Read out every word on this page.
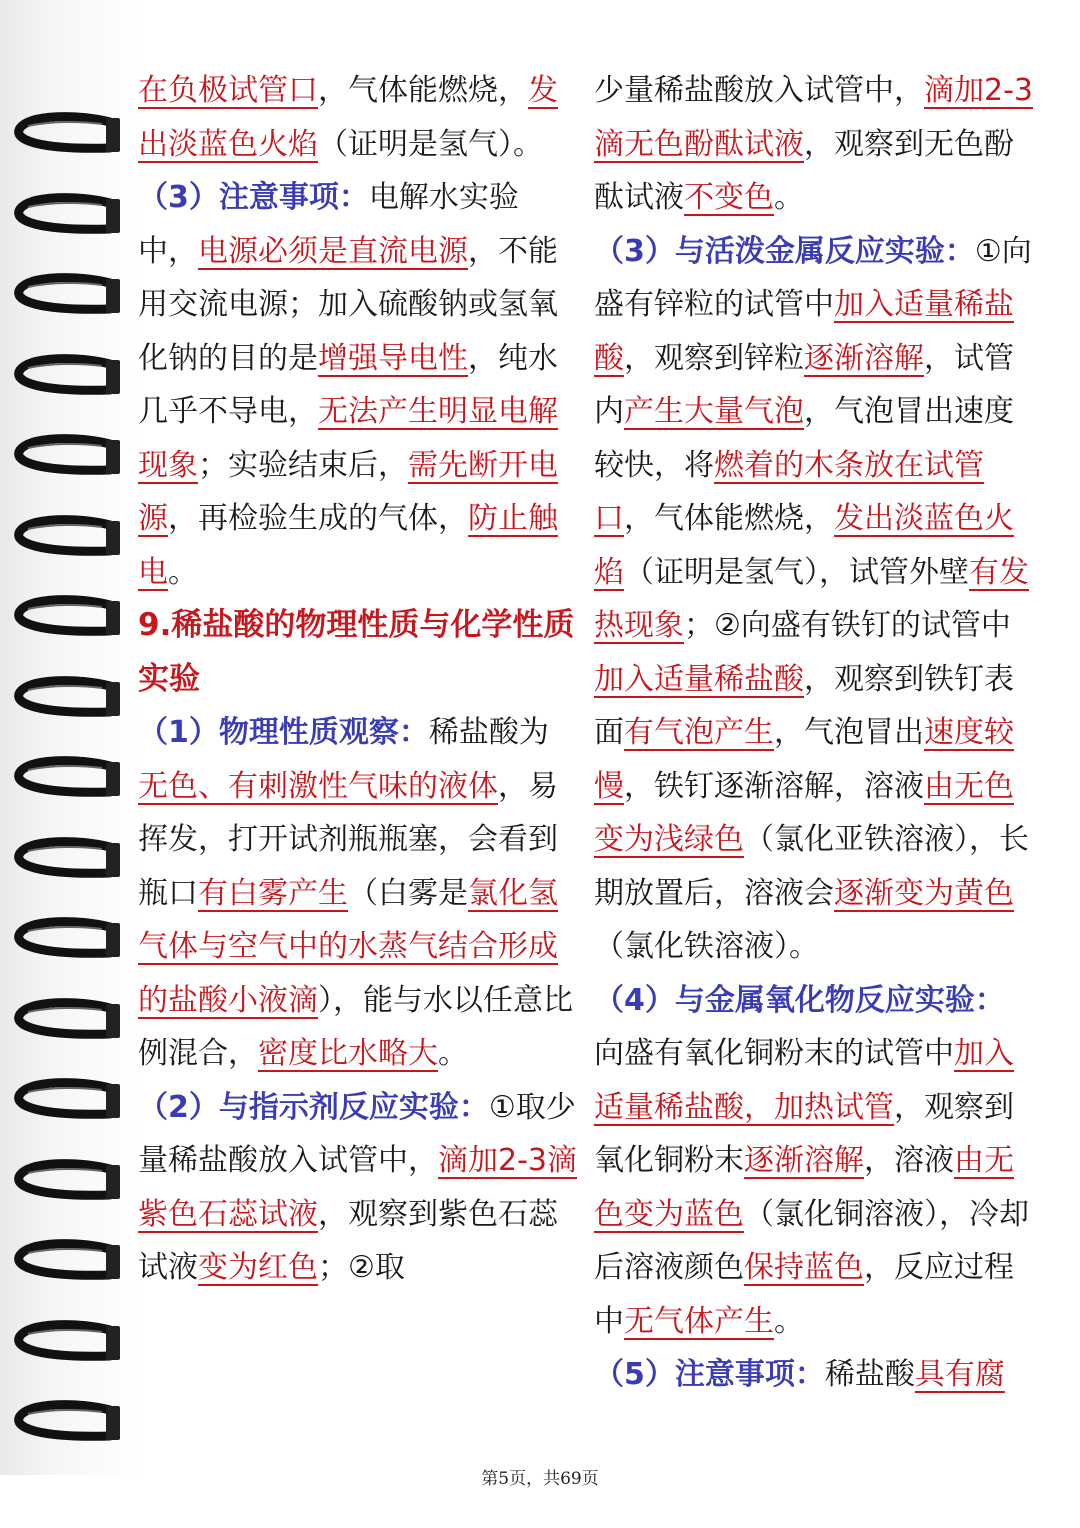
在负极试管口，气体能燃烧，发出淡蓝色火焰（证明是氢气）。

（3）注意事项：电解水实验中，电源必须是直流电源，不能用交流电源；加入硫酸钠或氢氧化钠的目的是增强导电性，纯水几乎不导电，无法产生明显电解现象；实验结束后，需先断开电源，再检验生成的气体，防止触电。

9.稀盐酸的物理性质与化学性质实验

（1）物理性质观察：稀盐酸为无色、有刺激性气味的液体，易挥发，打开试剂瓶瓶塞，会看到瓶口有白雾产生（白雾是氯化氢气体与空气中的水蒸气结合形成的盐酸小液滴），能与水以任意比例混合，密度比水略大。

（2）与指示剂反应实验：①取少量稀盐酸放入试管中，滴加2-3滴紫色石蕊试液，观察到紫色石蕊试液变为红色；②取

少量稀盐酸放入试管中，滴加2-3滴无色酚酞试液，观察到无色酚酞试液不变色。

（3）与活泼金属反应实验：①向盛有锌粒的试管中加入适量稀盐酸，观察到锌粒逐渐溶解，试管内产生大量气泡，气泡冒出速度较快，将燃着的木条放在试管口，气体能燃烧，发出淡蓝色火焰（证明是氢气），试管外壁有发热现象；②向盛有铁钉的试管中加入适量稀盐酸，观察到铁钉表面有气泡产生，气泡冒出速度较慢，铁钉逐渐溶解，溶液由无色变为浅绿色（氯化亚铁溶液），长期放置后，溶液会逐渐变为黄色（氯化铁溶液）。

（4）与金属氧化物反应实验：向盛有氧化铜粉末的试管中加入适量稀盐酸，加热试管，观察到氧化铜粉末逐渐溶解，溶液由无色变为蓝色（氯化铜溶液），冷却后溶液颜色保持蓝色，反应过程中无气体产生。

（5）注意事项：稀盐酸具有腐

第5页，共69页
